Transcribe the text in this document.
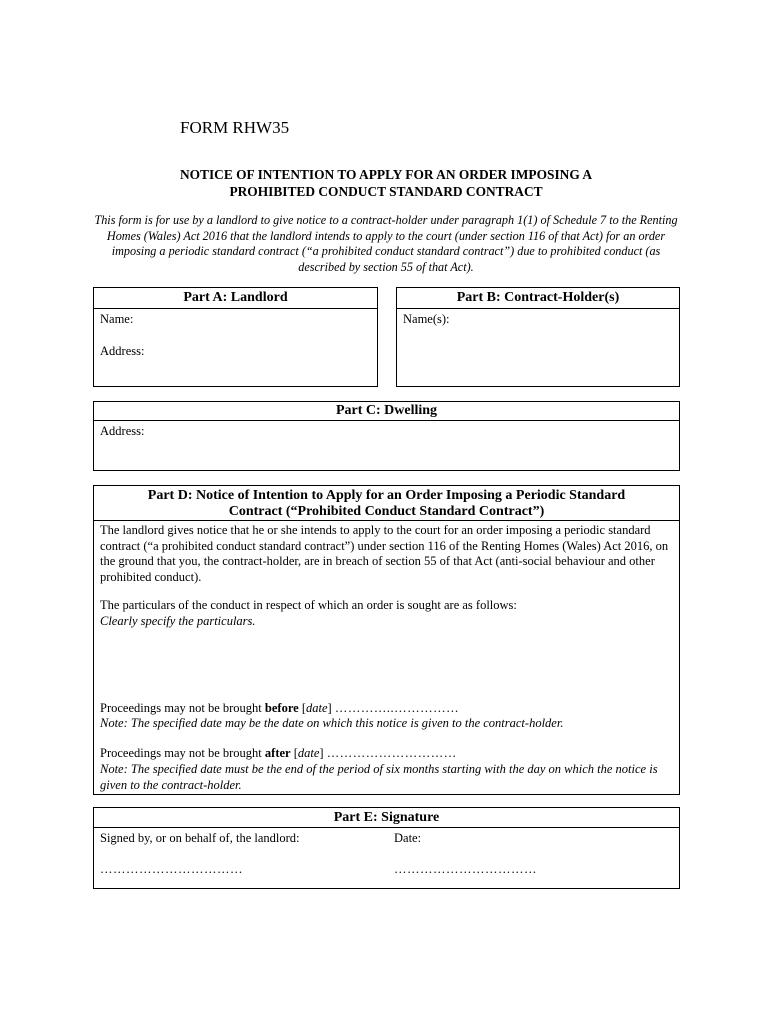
FORM RHW35
NOTICE OF INTENTION TO APPLY FOR AN ORDER IMPOSING A
PROHIBITED CONDUCT STANDARD CONTRACT
This form is for use by a landlord to give notice to a contract-holder under paragraph 1(1) of Schedule 7 to the Renting Homes (Wales) Act 2016 that the landlord intends to apply to the court (under section 116 of that Act) for an order imposing a periodic standard contract (“a prohibited conduct standard contract”) due to prohibited conduct (as described by section 55 of that Act).
Part A: Landlord
Name:
Address:
Part B: Contract-Holder(s)
Name(s):
Part C: Dwelling
Address:
Part D: Notice of Intention to Apply for an Order Imposing a Periodic Standard
Contract (“Prohibited Conduct Standard Contract”)
The landlord gives notice that he or she intends to apply to the court for an order imposing a periodic standard contract (“a prohibited conduct standard contract”) under section 116 of the Renting Homes (Wales) Act 2016, on the ground that you, the contract-holder, are in breach of section 55 of that Act (anti-social behaviour and other prohibited conduct).
The particulars of the conduct in respect of which an order is sought are as follows:
Clearly specify the particulars.
Proceedings may not be brought before [date] …………..……………
Note: The specified date may be the date on which this notice is given to the contract-holder.
Proceedings may not be brought after [date] …………………………
Note: The specified date must be the end of the period of six months starting with the day on which the notice is given to the contract-holder.
Part E: Signature
Signed by, or on behalf of, the landlord:	Date:
……………………………	……………………………
